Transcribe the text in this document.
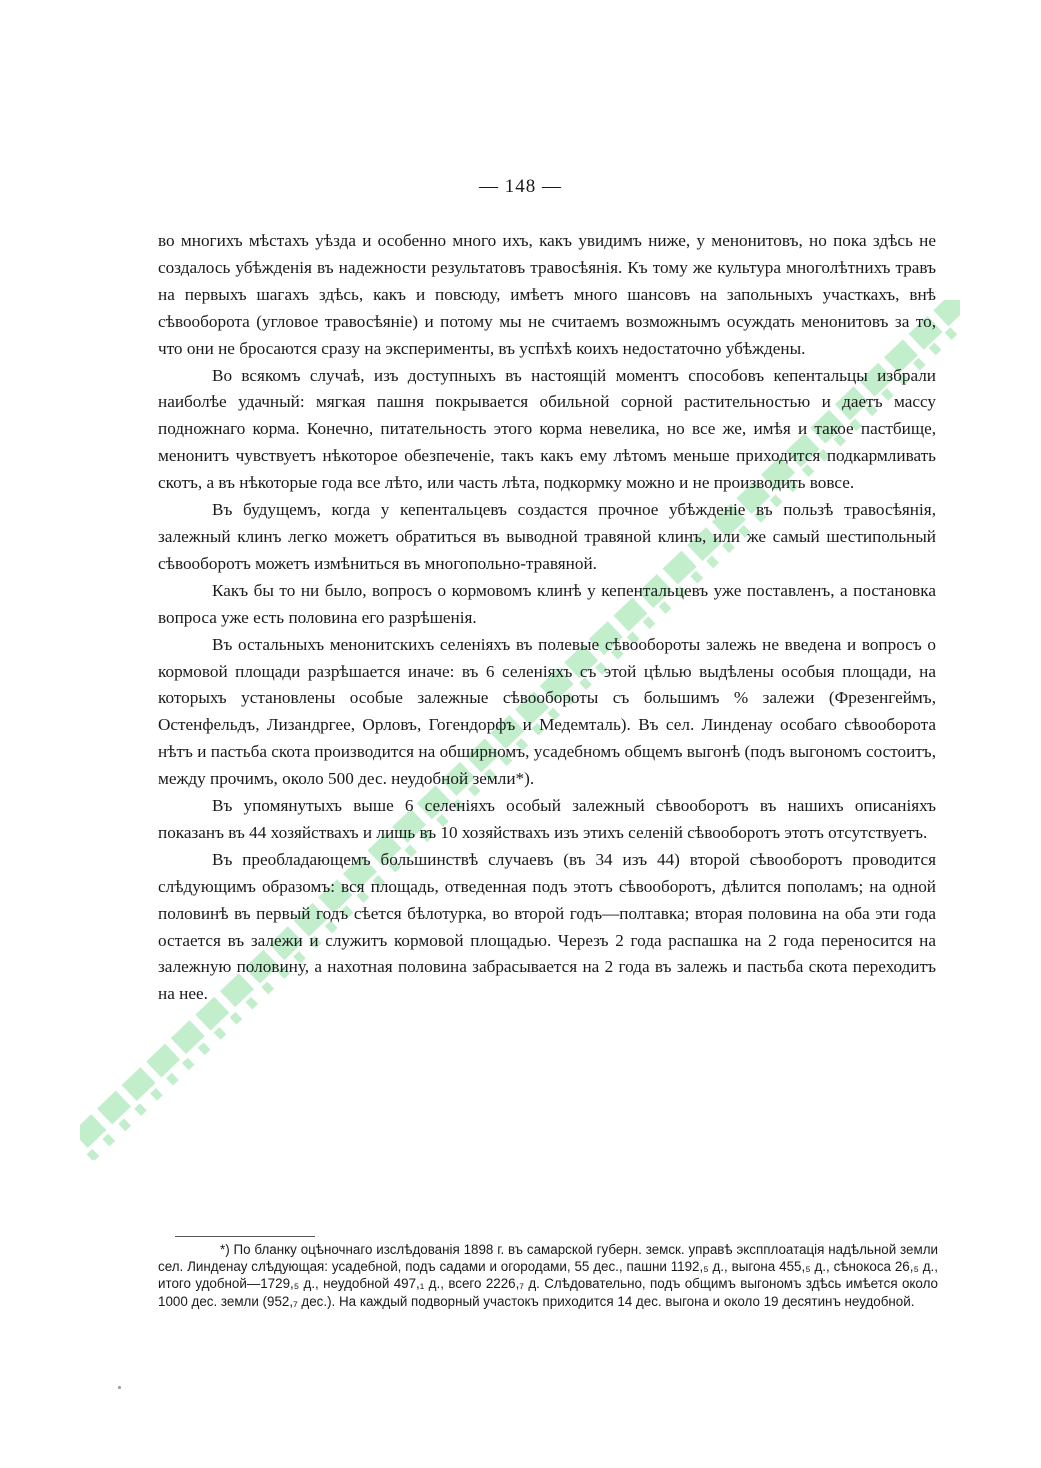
— 148 —

во многихъ мѣстахъ уѣзда и особенно много ихъ, какъ увидимъ ниже, у менонитовъ, но пока здѣсь не создалось убѣжденія въ надежности результатовъ травосѣянія. Къ тому же культура многолѣтнихъ травъ на первыхъ шагахъ здѣсь, какъ и повсюду, имѣетъ много шансовъ на запольныхъ участкахъ, внѣ сѣвооборота (угловое травосѣяніе) и потому мы не считаемъ возможнымъ осуждать менонитовъ за то, что они не бросаются сразу на эксперименты, въ успѣхѣ коихъ недостаточно убѣждены.

Во всякомъ случаѣ, изъ доступныхъ въ настоящій моментъ способовъ кепентальцы избрали наиболѣе удачный: мягкая пашня покрывается обильной сорной растительностью и даетъ массу подножнаго корма. Конечно, питательность этого корма невелика, но все же, имѣя и такое пастбище, менонитъ чувствуетъ нѣкоторое обезпеченіе, такъ какъ ему лѣтомъ меньше приходится подкармливать скотъ, а въ нѣкоторые года все лѣто, или часть лѣта, подкормку можно и не производить вовсе.

Въ будущемъ, когда у кепентальцевъ создастся прочное убѣжденіе въ пользѣ травосѣянія, залежный клинъ легко можетъ обратиться въ выводной травяной клинъ, или же самый шестипольный сѣвооборотъ можетъ измѣниться въ многопольно-травяной.

Какъ бы то ни было, вопросъ о кормовомъ клинѣ у кепентальцевъ уже поставленъ, а постановка вопроса уже есть половина его разрѣшенія.

Въ остальныхъ менонитскихъ селеніяхъ въ полевые сѣвообороты залежь не введена и вопросъ о кормовой площади разрѣшается иначе: въ 6 селеніяхъ съ этой цѣлью выдѣлены особыя площади, на которыхъ установлены особые залежные сѣвообороты съ большимъ % залежи (Фрезенгеймъ, Остенфельдъ, Лизандргее, Орловъ, Гогендорфъ и Медемталь). Въ сел. Линденау особаго сѣвооборота нѣтъ и пастьба скота производится на обширномъ, усадебномъ общемъ выгонѣ (подъ выгономъ состоитъ, между прочимъ, около 500 дес. неудобной земли*).

Въ упомянутыхъ выше 6 селеніяхъ особый залежный сѣвооборотъ въ нашихъ описаніяхъ показанъ въ 44 хозяйствахъ и лишь въ 10 хозяйствахъ изъ этихъ селеній сѣвооборотъ этотъ отсутствуетъ.

Въ преобладающемъ большинствѣ случаевъ (въ 34 изъ 44) второй сѣвооборотъ проводится слѣдующимъ образомъ: вся площадь, отведенная подъ этотъ сѣвооборотъ, дѣлится пополамъ; на одной половинѣ въ первый годъ сѣется бѣлотурка, во второй годъ—полтавка; вторая половина на оба эти года остается въ залежи и служитъ кормовой площадью. Черезъ 2 года распашка на 2 года переносится на залежную половину, а нахотная половина забрасывается на 2 года въ залежь и пастьба скота переходитъ на нее.

*) По бланку оцѣночнаго изслѣдованія 1898 г. въ самарской губерн. земск. управѣ экспплоатація надѣльной земли сел. Линденау слѣдующая: усадебной, подъ садами и огородами, 55 дес., пашни 1192,₅ д., выгона 455,₅ д., сѣнокоса 26,₅ д., итого удобной—1729,₅ д., неудобной 497,₁ д., всего 2226,₇ д. Слѣдовательно, подъ общимъ выгономъ здѣсь имѣется около 1000 дес. земли (952,₇ дес.). На каждый подворный участокъ приходится 14 дес. выгона и около 19 десятинъ неудобной.
